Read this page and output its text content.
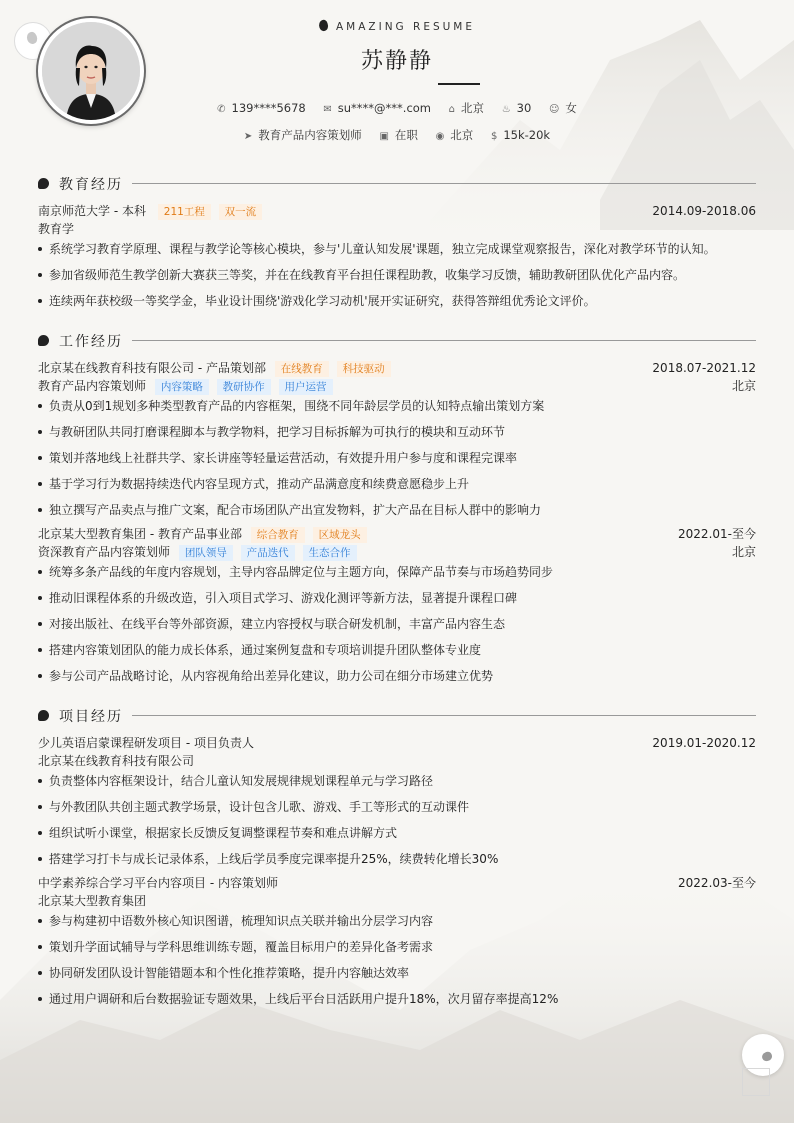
AMAZING RESUME
苏静静
✆ 139****5678 ✉ su****@***.com ⌂ 北京 ♨ 30 ☺ 女
➤ 教育产品内容策划师 ▣ 在职 ◉ 北京 $ 15k-20k
教育经历
南京师范大学 - 本科 211工程 双一流	2014.09-2018.06
教育学
系统学习教育学原理、课程与教学论等核心模块，参与'儿童认知发展'课题，独立完成课堂观察报告，深化对教学环节的认知。
参加省级师范生教学创新大赛获三等奖，并在在线教育平台担任课程助教，收集学习反馈，辅助教研团队优化产品内容。
连续两年获校级一等奖学金，毕业设计围绕'游戏化学习动机'展开实证研究，获得答辩组优秀论文评价。
工作经历
北京某在线教育科技有限公司 - 产品策划部 在线教育 科技驱动	2018.07-2021.12
教育产品内容策划师 内容策略 教研协作 用户运营	北京
负责从0到1规划多种类型教育产品的内容框架，围绕不同年龄层学员的认知特点输出策划方案
与教研团队共同打磨课程脚本与教学物料，把学习目标拆解为可执行的模块和互动环节
策划并落地线上社群共学、家长讲座等轻量运营活动，有效提升用户参与度和课程完课率
基于学习行为数据持续迭代内容呈现方式，推动产品满意度和续费意愿稳步上升
独立撰写产品卖点与推广文案，配合市场团队产出宣发物料，扩大产品在目标人群中的影响力
北京某大型教育集团 - 教育产品事业部 综合教育 区域龙头	2022.01-至今
资深教育产品内容策划师 团队领导 产品迭代 生态合作	北京
统筹多条产品线的年度内容规划，主导内容品牌定位与主题方向，保障产品节奏与市场趋势同步
推动旧课程体系的升级改造，引入项目式学习、游戏化测评等新方法，显著提升课程口碑
对接出版社、在线平台等外部资源，建立内容授权与联合研发机制，丰富产品内容生态
搭建内容策划团队的能力成长体系，通过案例复盘和专项培训提升团队整体专业度
参与公司产品战略讨论，从内容视角给出差异化建议，助力公司在细分市场建立优势
项目经历
少儿英语启蒙课程研发项目 - 项目负责人	2019.01-2020.12
北京某在线教育科技有限公司
负责整体内容框架设计，结合儿童认知发展规律规划课程单元与学习路径
与外教团队共创主题式教学场景，设计包含儿歌、游戏、手工等形式的互动课件
组织试听小课堂，根据家长反馈反复调整课程节奏和难点讲解方式
搭建学习打卡与成长记录体系，上线后学员季度完课率提升25%，续费转化增长30%
中学素养综合学习平台内容项目 - 内容策划师	2022.03-至今
北京某大型教育集团
参与构建初中语数外核心知识图谱，梳理知识点关联并输出分层学习内容
策划升学面试辅导与学科思维训练专题，覆盖目标用户的差异化备考需求
协同研发团队设计智能错题本和个性化推荐策略，提升内容触达效率
通过用户调研和后台数据验证专题效果，上线后平台日活跃用户提升18%，次月留存率提高12%
